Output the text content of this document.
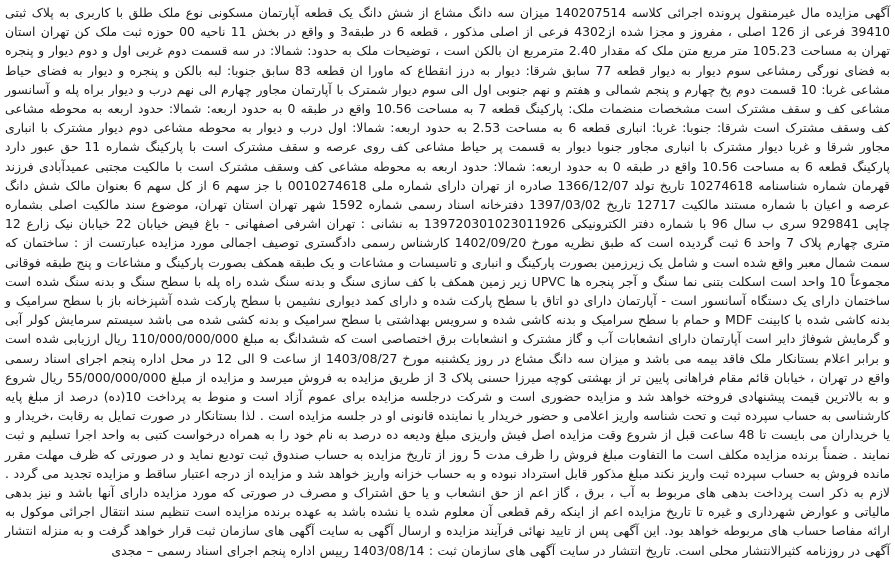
آگهی مزایده مال غیرمنقول پرونده اجرائی کلاسه 140207514 میزان سه دانگ مشاع از شش دانگ یک قطعه آپارتمان مسکونی نوع ملک طلق با کاربری به پلاک ثبتی 39410 فرعی از 126 اصلی ، مفروز و مجزا شده از4302 فرعی از اصلی مذکور ، قطعه 6 در طبقه3 و واقع در بخش 11 ناحیه 00 حوزه ثبت ملک کن تهران استان تهران به مساحت 105.23 متر مربع متن ملک که مقدار 2.40 مترمربع ان بالکن است ، توضیحات ملک به حدود: شمالا: در سه قسمت دوم غربی اول و دوم دیوار و پنجره به فضای نورگی رمشاعی سوم دیوار به دیوار قطعه 77 سابق شرقا: دیوار به درز انقطاع که ماورا ان قطعه 83 سابق جنوبا: لبه بالکن و پنجره و دیوار به فضای حیاط مشاعی غربا: 10 قسمت دوم پخ چهارم و پنجم شمالی و هفتم و نهم جنوبی اول الی سوم دیوار شمترک با آپارتمان مجاور چهارم الی نهم درب و دیوار براه پله و آسانسور مشاعی کف و سقف مشترک است مشخصات منضمات ملک: پارکینگ قطعه 7 به مساحت 10.56 واقع در طبقه 0 به حدود اربعه: شمالا: حدود اربعه به محوطه مشاعی کف وسقف مشترک است شرقا: جنوبا: غربا: انباری قطعه 6 به مساحت 2.53 به حدود اربعه: شمالا: اول درب و دیوار به محوطه مشاعی دوم دیوار مشترک با انباری مجاور شرقا و غربا دیوار مشترک با انباری مجاور جنوبا دیوار به قسمت پر حیاط مشاعی کف روی عرصه و سقف مشترک است با پارکینگ شماره 11 حق عبور دارد پارکینگ قطعه 6 به مساحت 10.56 واقع در طبقه 0 به حدود اربعه: شمالا: حدود اربعه به محوطه مشاعی کف وسقف مشترک است با مالکیت مجتبی عمیدآبادی فرزند قهرمان شماره شناسنامه 10274618 تاریخ تولد 1366/12/07 صادره از تهران دارای شماره ملی 0010274618 با جز سهم 6 از کل سهم 6 بعنوان مالک شش دانگ عرصه و اعیان با شماره مستند مالکیت 12717 تاریخ 1397/03/02 دفترخانه اسناد رسمی شماره 1592 شهر تهران استان تهران، موضوع سند مالکیت اصلی بشماره چاپی 929841 سری ب سال 96 با شماره دفتر الکترونیکی 139720301023011926 به نشانی : تهران اشرفی اصفهانی - باغ فیض خیابان 22 خیابان نیک زارع 12 متری چهارم پلاک 7 واحد 6 ثبت گردیده است که طبق نظریه مورخ 1402/09/20 کارشناس رسمی دادگستری توصیف اجمالی مورد مزایده عبارتست از : ساختمان که سمت شمال معبر واقع شده است و شامل یک زیرزمین بصورت پارکینگ و انباری و تاسیسات و مشاعات و یک طبقه همکف بصورت پارکینگ و مشاعات و پنج طبقه فوقانی مجموعاً 10 واحد است اسکلت بتنی نما سنگ و آجر پنجره ها UPVC زیر زمین همکف با کف سازی سنگ و بدنه سنگ شده راه پله با سطح سنگ و بدنه سنگ شده است ساختمان دارای یک دستگاه آسانسور است - آپارتمان دارای دو اتاق با سطح پارکت شده و دارای کمد دیواری نشیمن با سطح پارکت شده آشپزخانه باز با سطح سرامیک و بدنه کاشی شده با کابینت MDF و حمام با سطح سرامیک و بدنه کاشی شده و سرویس بهداشتی با سطح سرامیک و بدنه کشی شده می باشد سیستم سرمایش کولر آبی و گرمایش شوفاژ دایر است آپارتمان دارای انشعابات آب و گاز مشترک و انشعابات برق اختصاصی است که ششدانگ به مبلغ 110/000/000/000 ریال ارزیابی شده است و برابر اعلام بستانکار ملک فاقد بیمه می باشد و میزان سه دانگ مشاع در روز یکشنبه مورخ 1403/08/27 از ساعت 9 الی 12 در محل اداره پنجم اجرای اسناد رسمی واقع در تهران ، خیابان قائم مقام فراهانی پایین تر از بهشتی کوچه میرزا حسنی پلاک 3 از طریق مزایده به فروش میرسد و مزایده از مبلغ 55/000/000/000 ریال شروع و به بالاترین قیمت پیشنهادی فروخته خواهد شد و مزایده حضوری است و شرکت درجلسه مزایده برای عموم آزاد است و منوط به پرداخت 10(ده) درصد از مبلغ پایه کارشناسی به حساب سپرده ثبت و تحت شناسه واریز اعلامی و حضور خریدار یا نماینده قانونی او در جلسه مزایده است . لذا بستانکار در صورت تمایل به رقابت ،خریدار و یا خریداران می بایست تا 48 ساعت قبل از شروع وقت مزایده اصل فیش واریزی مبلغ ودیعه ده درصد به نام خود را به همراه درخواست کتبی به واحد اجرا تسلیم و ثبت نمایند . ضمناً برنده مزایده مکلف است ما التفاوت مبلغ فروش را ظرف مدت 5 روز از تاریخ مزایده به حساب صندوق ثبت تودیع نماید و در صورتی که ظرف مهلت مقرر مانده فروش به حساب سپرده ثبت واریز نکند مبلغ مذکور قابل استرداد نبوده و به حساب خزانه واریز خواهد شد و مزایده از درجه اعتبار ساقط و مزایده تجدید می گردد . لازم به ذکر است پرداخت بدهی های مربوط به آب ، برق ، گاز اعم از حق انشعاب و یا حق اشتراک و مصرف در صورتی که مورد مزایده دارای آنها باشد و نیز بدهی مالیاتی و عوارض شهرداری و غیره تا تاریخ مزایده اعم از اینکه رقم قطعی آن معلوم شده یا نشده باشد به عهده برنده مزایده است تنظیم سند انتقال اجرائی موکول به ارائه مفاصا حساب های مربوطه خواهد بود. این آگهی پس از تایید نهائی فرآیند مزایده و ارسال آگهی به سایت آگهی های سازمان ثبت قرار خواهد گرفت و به منزله انتشار آگهی در روزنامه کثیرالانتشار محلی است. تاریخ انتشار در سایت آگهی های سازمان ثبت : 1403/08/14 رییس اداره پنجم اجرای اسناد رسمی – مجدی
